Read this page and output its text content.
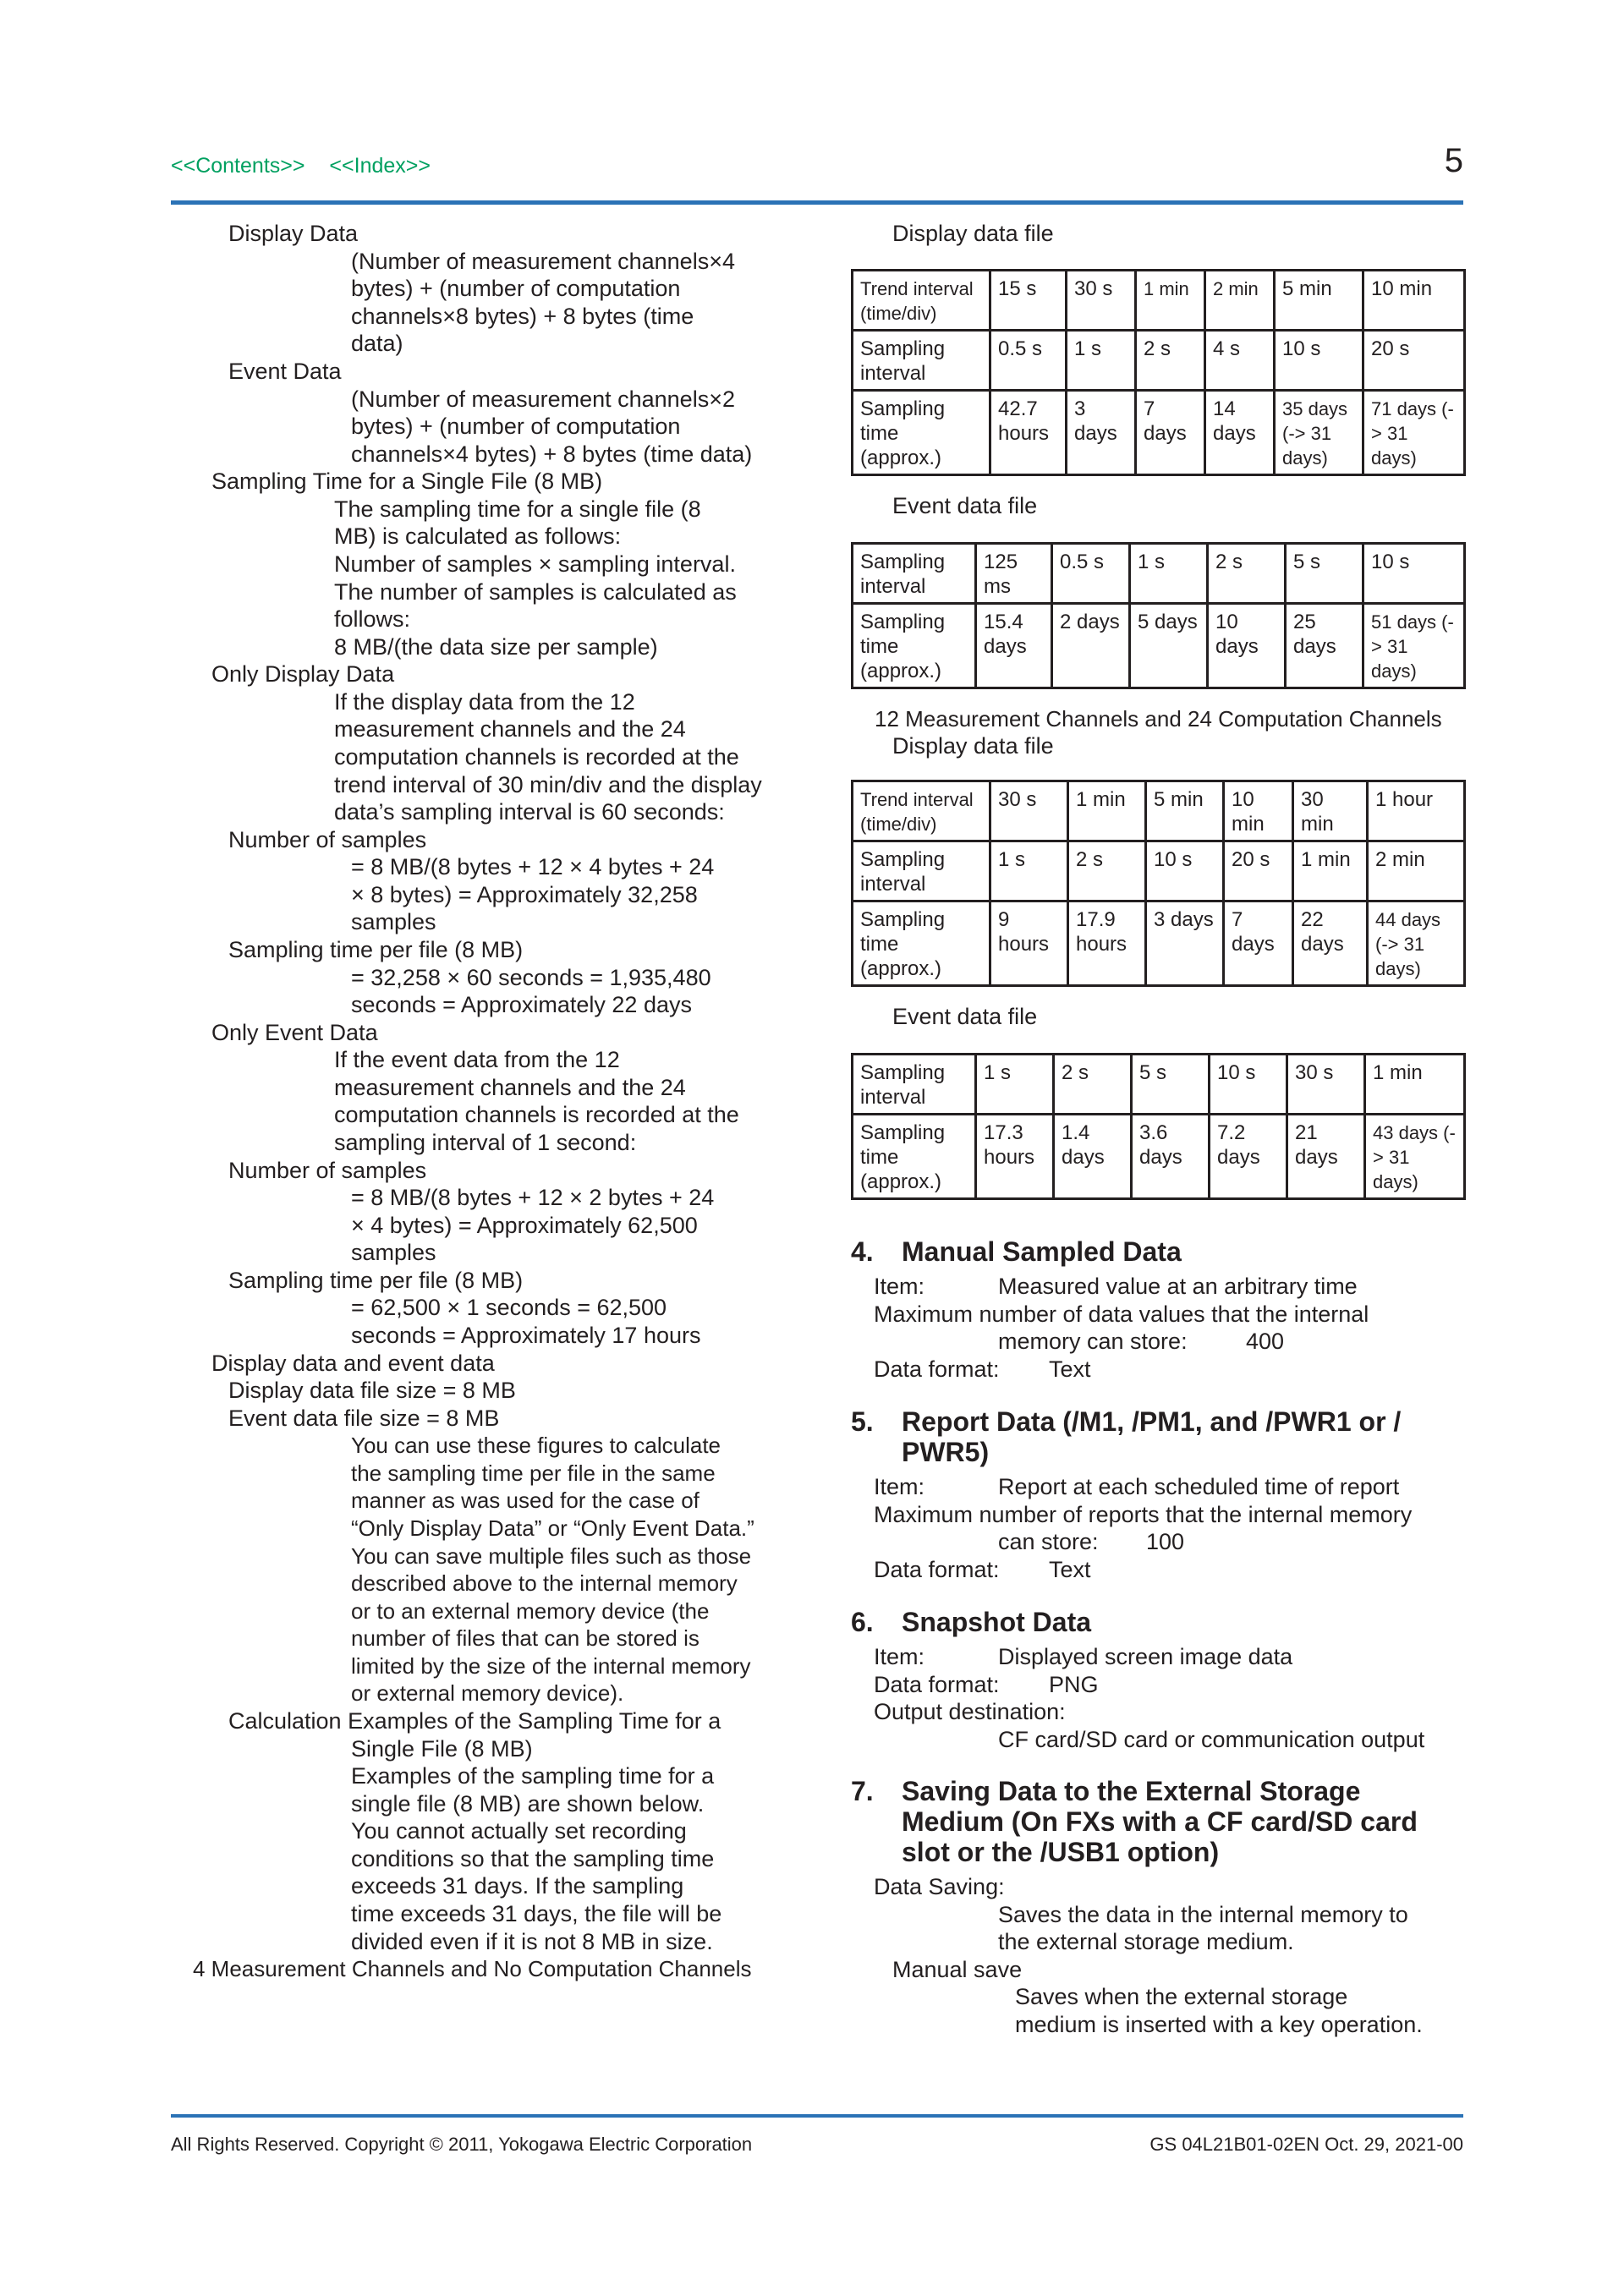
<<Contents>> <<Index>>	5
Display Data
(Number of measurement channels×4
bytes) + (number of computation
channels×8 bytes) + 8 bytes (time
data)
Event Data
(Number of measurement channels×2
bytes) + (number of computation
channels×4 bytes) + 8 bytes (time data)
Sampling Time for a Single File (8 MB)
The sampling time for a single file (8
MB) is calculated as follows:
Number of samples × sampling interval.
The number of samples is calculated as
follows:
8 MB/(the data size per sample)
Only Display Data
If the display data from the 12
measurement channels and the 24
computation channels is recorded at the
trend interval of 30 min/div and the display
data’s sampling interval is 60 seconds:
Number of samples
= 8 MB/(8 bytes + 12 × 4 bytes + 24
× 8 bytes) = Approximately 32,258
samples
Sampling time per file (8 MB)
= 32,258 × 60 seconds = 1,935,480
seconds = Approximately 22 days
Only Event Data
If the event data from the 12
measurement channels and the 24
computation channels is recorded at the
sampling interval of 1 second:
Number of samples
= 8 MB/(8 bytes + 12 × 2 bytes + 24
× 4 bytes) = Approximately 62,500
samples
Sampling time per file (8 MB)
= 62,500 × 1 seconds = 62,500
seconds = Approximately 17 hours
Display data and event data
Display data file size = 8 MB
Event data file size = 8 MB
You can use these figures to calculate
the sampling time per file in the same
manner as was used for the case of
“Only Display Data” or “Only Event Data.”
You can save multiple files such as those
described above to the internal memory
or to an external memory device (the
number of files that can be stored is
limited by the size of the internal memory
or external memory device).
Calculation Examples of the Sampling Time for a
Single File (8 MB)
Examples of the sampling time for a
single file (8 MB) are shown below.
You cannot actually set recording
conditions so that the sampling time
exceeds 31 days. If the sampling
time exceeds 31 days, the file will be
divided even if it is not 8 MB in size.
4 Measurement Channels and No Computation Channels
Display data file
Trend interval (time/div)	15 s	30 s	1 min	2 min	5 min	10 min
Sampling interval	0.5 s	1 s	2 s	4 s	10 s	20 s
Sampling time (approx.)	42.7 hours	3 days	7 days	14 days	35 days (-> 31 days)	71 days (-> 31 days)
Event data file
Sampling interval	125 ms	0.5 s	1 s	2 s	5 s	10 s
Sampling time (approx.)	15.4 days	2 days	5 days	10 days	25 days	51 days (-> 31 days)
12 Measurement Channels and 24 Computation Channels
Display data file
Trend interval (time/div)	30 s	1 min	5 min	10 min	30 min	1 hour
Sampling interval	1 s	2 s	10 s	20 s	1 min	2 min
Sampling time (approx.)	9 hours	17.9 hours	3 days	7 days	22 days	44 days (-> 31 days)
Event data file
Sampling interval	1 s	2 s	5 s	10 s	30 s	1 min
Sampling time (approx.)	17.3 hours	1.4 days	3.6 days	7.2 days	21 days	43 days (-> 31 days)
4. Manual Sampled Data
Item:	Measured value at an arbitrary time
Maximum number of data values that the internal
memory can store:	400
Data format: Text
5. Report Data (/M1, /PM1, and /PWR1 or /
PWR5)
Item:	Report at each scheduled time of report
Maximum number of reports that the internal memory
can store: 100
Data format: Text
6. Snapshot Data
Item:	Displayed screen image data
Data format: PNG
Output destination:
CF card/SD card or communication output
7. Saving Data to the External Storage
Medium (On FXs with a CF card/SD card
slot or the /USB1 option)
Data Saving:
Saves the data in the internal memory to
the external storage medium.
Manual save
Saves when the external storage
medium is inserted with a key operation.
All Rights Reserved. Copyright © 2011, Yokogawa Electric Corporation	GS 04L21B01-02EN Oct. 29, 2021-00
